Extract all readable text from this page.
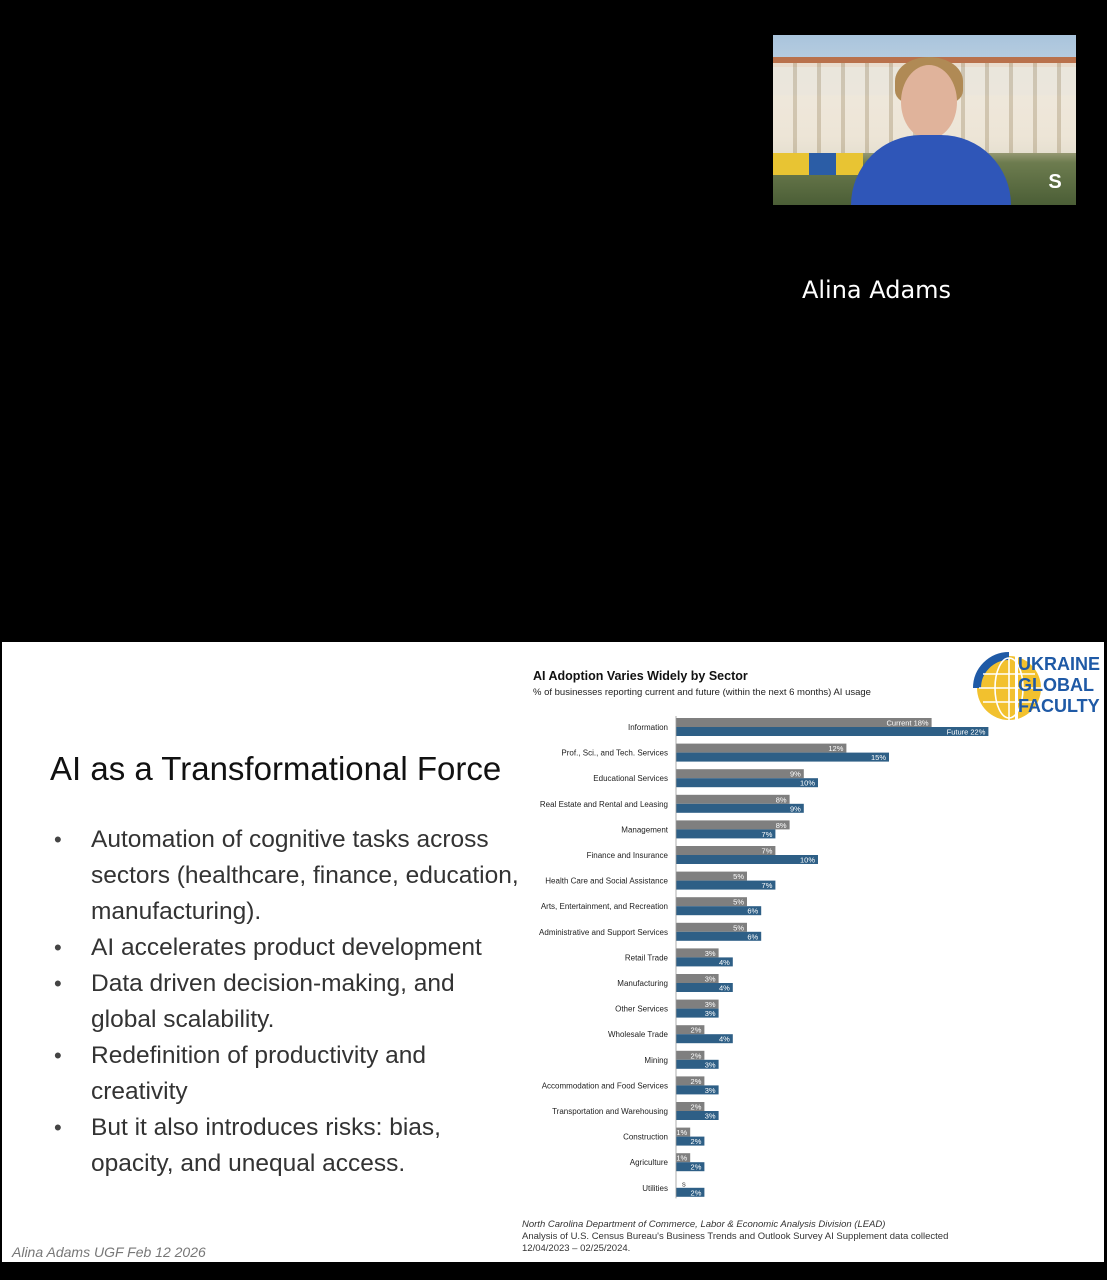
S
Alina Adams
AI as a Transformational Force
• Automation of cognitive tasks across sectors (healthcare, finance, education, manufacturing).
• AI accelerates product development
• Data driven decision-making, and global scalability.
• Redefinition of productivity and creativity
• But it also introduces risks: bias, opacity, and unequal access.
Alina Adams UGF Feb 12 2026
UKRAINE
GLOBAL
FACULTY
AI Adoption Varies Widely by Sector
% of businesses reporting current and future (within the next 6 months) AI usage
Information	Current 18%
Future 22%
Prof., Sci., and Tech. Services	12%
15%
Educational Services	9%
10%
Real Estate and Rental and Leasing	8%
9%
Management	8%
7%
Finance and Insurance	7%
10%
Health Care and Social Assistance	5%
7%
Arts, Entertainment, and Recreation	5%
6%
Administrative and Support Services	5%
6%
Retail Trade	3%
4%
Manufacturing	3%
4%
Other Services	3%
3%
Wholesale Trade	2%
4%
Mining	2%
3%
Accommodation and Food Services	2%
3%
Transportation and Warehousing	2%
3%
Construction 1%
2%
Agriculture 1%
2%
Utilities s
2%
North Carolina Department of Commerce, Labor & Economic Analysis Division (LEAD)
Analysis of U.S. Census Bureau's Business Trends and Outlook Survey AI Supplement data collected
12/04/2023 – 02/25/2024.
